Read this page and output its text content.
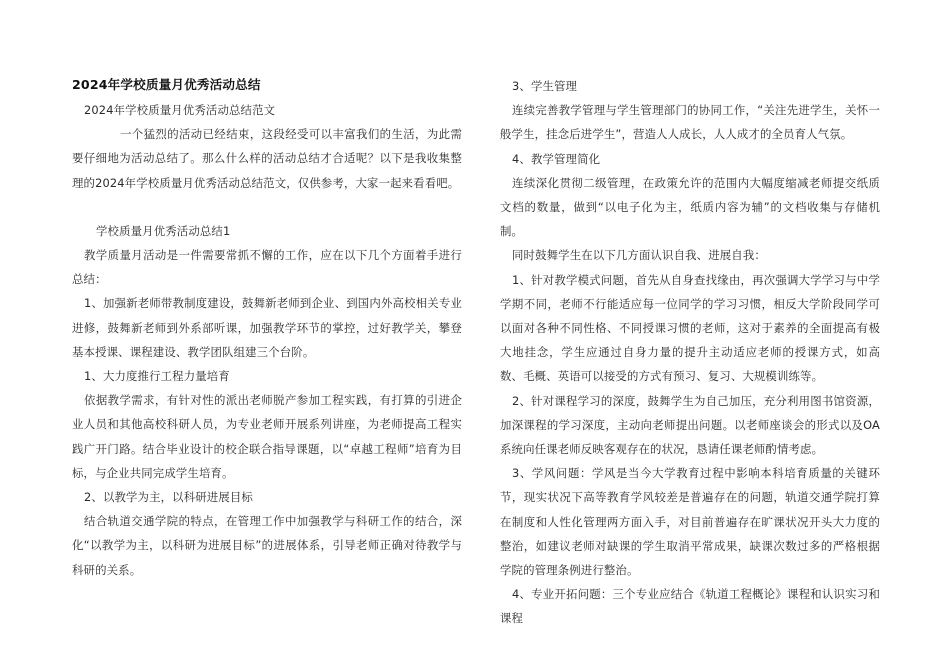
2024年学校质量月优秀活动总结

2024年学校质量月优秀活动总结范文

一个猛烈的活动已经结束，这段经受可以丰富我们的生活，为此需要仔细地为活动总结了。那么什么样的活动总结才合适呢？以下是我收集整理的2024年学校质量月优秀活动总结范文，仅供参考，大家一起来看看吧。

学校质量月优秀活动总结1

教学质量月活动是一件需要常抓不懈的工作，应在以下几个方面着手进行总结：

1、加强新老师带教制度建设，鼓舞新老师到企业、到国内外高校相关专业进修，鼓舞新老师到外系部听课，加强教学环节的掌控，过好教学关，攀登基本授课、课程建设、教学团队组建三个台阶。

1、大力度推行工程力量培育

依据教学需求，有针对性的派出老师脱产参加工程实践，有打算的引进企业人员和其他高校科研人员，为专业老师开展系列讲座，为老师提高工程实践广开门路。结合毕业设计的校企联合指导课题，以“卓越工程师”培育为目标，与企业共同完成学生培育。

2、以教学为主，以科研进展目标

结合轨道交通学院的特点，在管理工作中加强教学与科研工作的结合，深化“以教学为主，以科研为进展目标”的进展体系，引导老师正确对待教学与科研的关系。

3、学生管理

连续完善教学管理与学生管理部门的协同工作，“关注先进学生，关怀一般学生，挂念后进学生”，营造人人成长，人人成才的全员育人气氛。

4、教学管理简化

连续深化贯彻二级管理，在政策允许的范围内大幅度缩减老师提交纸质文档的数量，做到“以电子化为主，纸质内容为辅”的文档收集与存储机制。

同时鼓舞学生在以下几方面认识自我、进展自我：

1、针对教学模式问题，首先从自身查找缘由，再次强调大学学习与中学学期不同，老师不行能适应每一位同学的学习习惯，相反大学阶段同学可以面对各种不同性格、不同授课习惯的老师，这对于素养的全面提高有极大地挂念，学生应通过自身力量的提升主动适应老师的授课方式，如高数、毛概、英语可以接受的方式有预习、复习、大规模训练等。

2、针对课程学习的深度，鼓舞学生为自己加压，充分利用图书馆资源，加深课程的学习深度，主动向老师提出问题。以老师座谈会的形式以及OA系统向任课老师反映客观存在的状况，恳请任课老师酌情考虑。

3、学风问题：学风是当今大学教育过程中影响本科培育质量的关键环节，现实状况下高等教育学风较差是普遍存在的问题，轨道交通学院打算在制度和人性化管理两方面入手，对目前普遍存在旷课状况开头大力度的整治，如建议老师对缺课的学生取消平常成果，缺课次数过多的严格根据学院的管理条例进行整治。

4、专业开拓问题：三个专业应结合《轨道工程概论》课程和认识实习和课程
